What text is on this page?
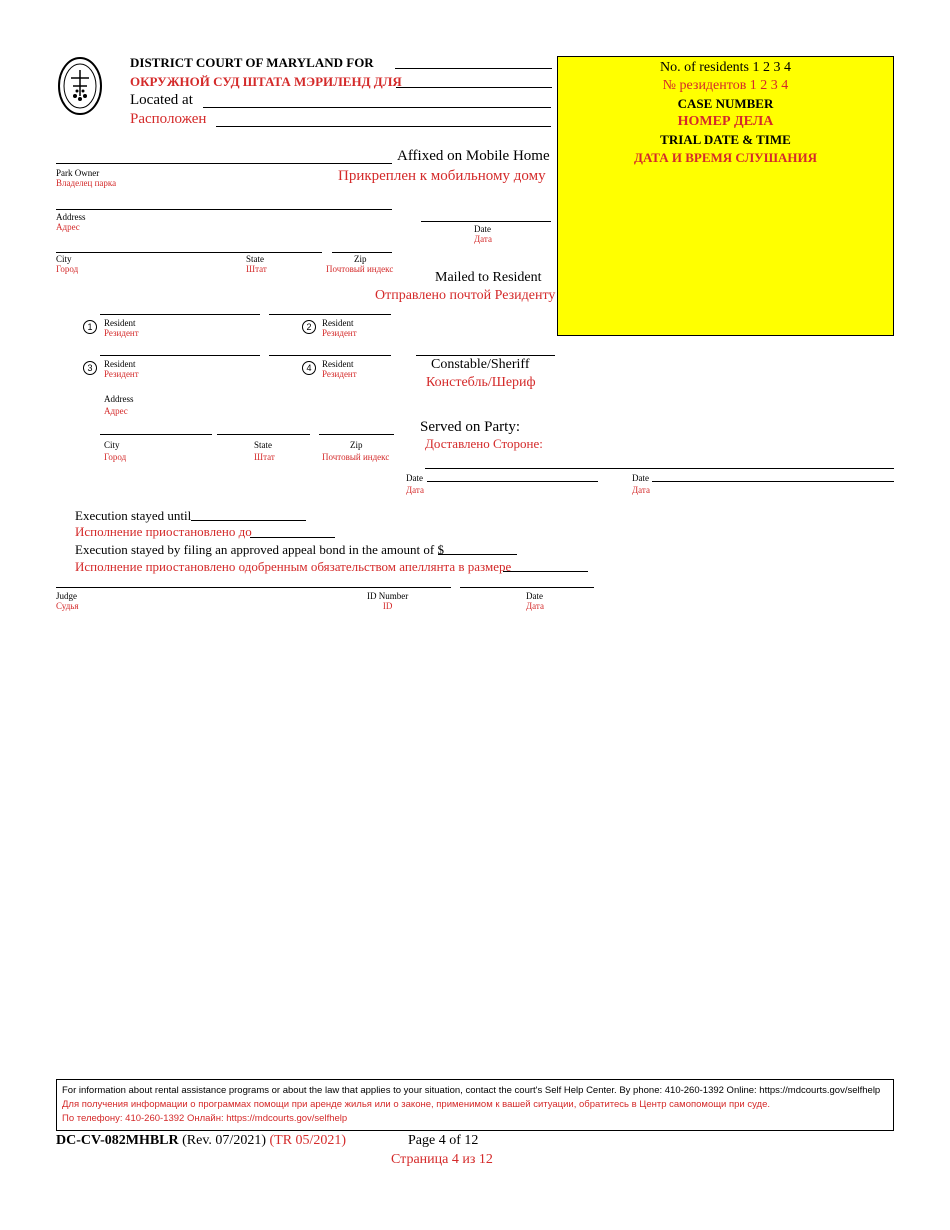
DISTRICT COURT OF MARYLAND FOR
ОКРУЖНОЙ СУД ШТАТА МЭРИЛЕНД ДЛЯ
Located at
Расположен
No. of residents 1 2 3 4
№ резидентов 1 2 3 4
CASE NUMBER
НОМЕР ДЕЛА
TRIAL DATE & TIME
ДАТА И ВРЕМЯ СЛУШАНИЯ
Affixed on Mobile Home
Park Owner
Владелец парка	Прикреплен к мобильному дому
Address
Адрес	Date
Дата
City
Город
State
Штат
Zip
Почтовый индекс
Mailed to Resident
Отправлено почтой Резиденту
1	Resident
Резидент
2	Resident
Резидент
3	Resident
Резидент
4	Resident
Резидент
Constable/Sheriff
Констебль/Шериф
Address
Адрес
Served on Party:
Доставлено Стороне:
City
Город
State
Штат
Zip
Почтовый индекс
Date
Дата
Date
Дата
Execution stayed until
Исполнение приостановлено до
Execution stayed by filing an approved appeal bond in the amount of $
Исполнение приостановлено одобренным обязательством апеллянта в размере
Judge
Судья
ID Number
ID
Date
Дата
For information about rental assistance programs or about the law that applies to your situation, contact the court's Self Help Center. By phone: 410-260-1392 Online: https://mdcourts.gov/selfhelp
Для получения информации о программах помощи при аренде жилья или о законе, применимом к вашей ситуации, обратитесь в Центр самопомощи при суде.
По телефону: 410-260-1392 Онлайн: https://mdcourts.gov/selfhelp
DC-CV-082MHBLR (Rev. 07/2021) (TR 05/2021)	Page 4 of 12
Страница 4 из 12
